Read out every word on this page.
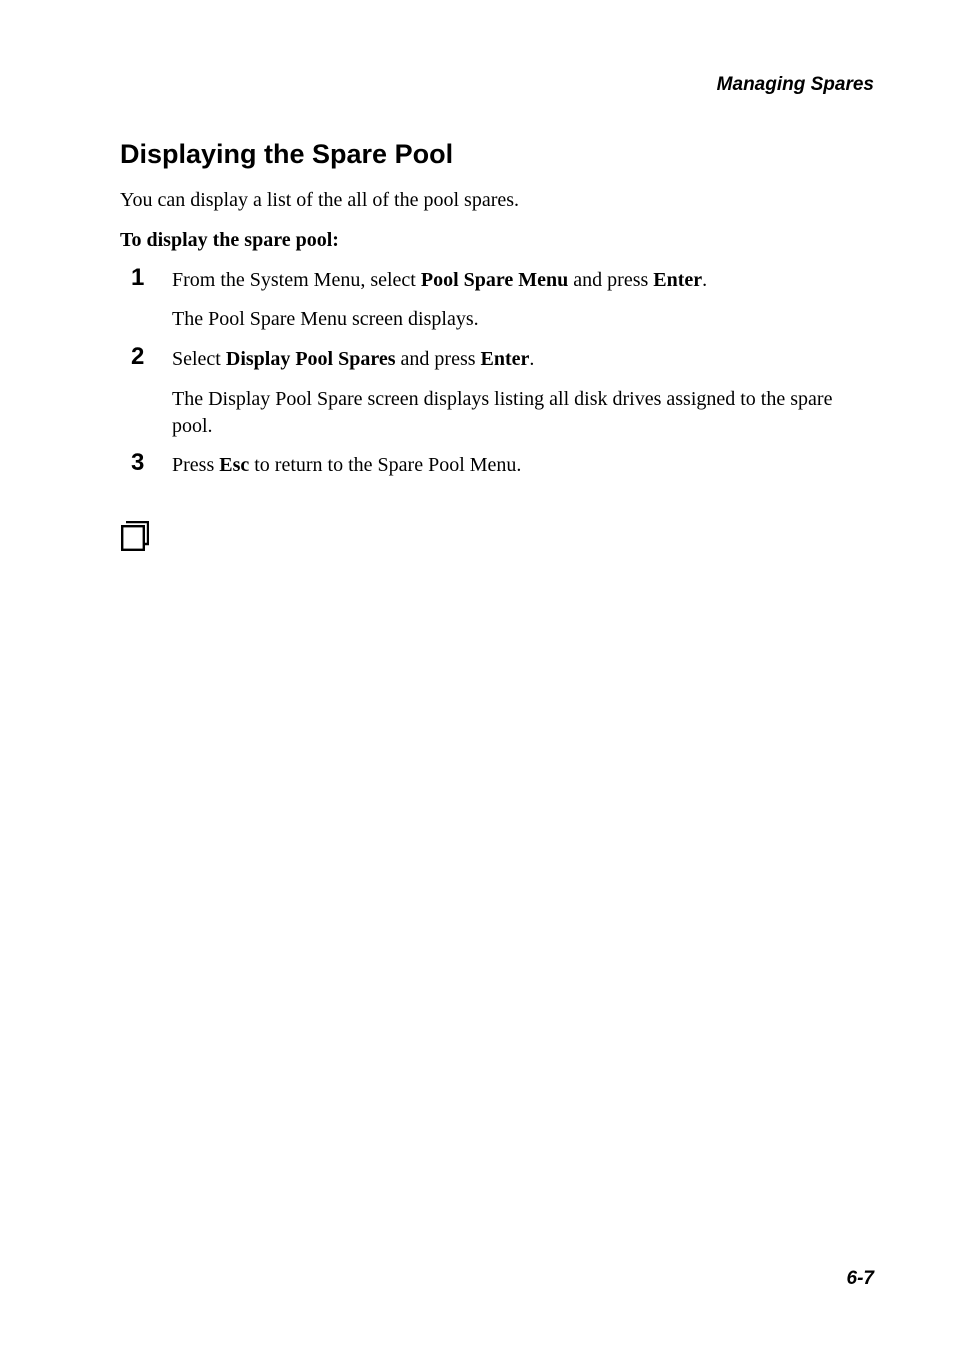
Managing Spares
Displaying the Spare Pool

You can display a list of the all of the pool spares.

To display the spare pool:

1 From the System Menu, select Pool Spare Menu and press Enter.

The Pool Spare Menu screen displays.

2 Select Display Pool Spares and press Enter.

The Display Pool Spare screen displays listing all disk drives assigned to the spare pool.

3 Press Esc to return to the Spare Pool Menu.

6-7
